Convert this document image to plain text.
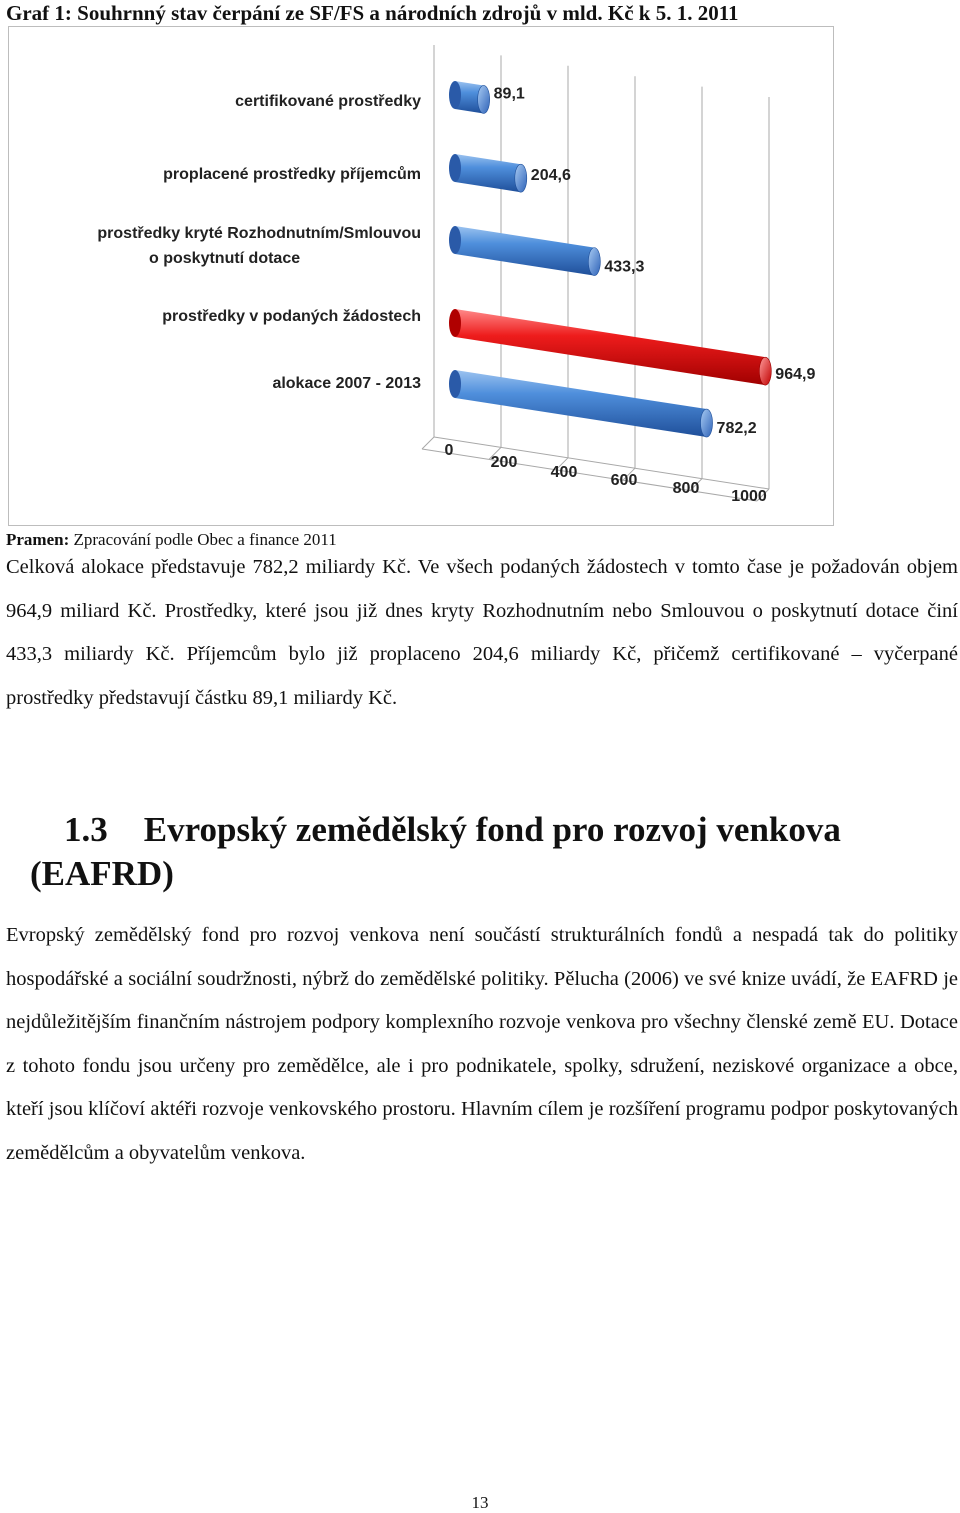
Graf 1: Souhrnný stav čerpání ze SF/FS a národních zdrojů v mld. Kč k 5. 1. 2011
0
200
400 600 800 1000
89,1
204,6
433,3
964,9
782,2
certifikované prostředky
proplacené prostředky příjemcům
prostředky kryté Rozhodnutním/Smlouvou
o poskytnutí dotace
prostředky v podaných žádostech
alokace 2007 - 2013
Pramen: Zpracování podle Obec a finance 2011
Celková alokace představuje 782,2 miliardy Kč. Ve všech podaných žádostech v tomto čase je požadován objem 964,9 miliard Kč. Prostředky, které jsou již dnes kryty Rozhodnutním nebo Smlouvou o poskytnutí dotace činí 433,3 miliardy Kč. Příjemcům bylo již proplaceno 204,6 miliardy Kč, přičemž certifikované – vyčerpané prostředky představují částku 89,1 miliardy Kč.
1.3 Evropský zemědělský fond pro rozvoj venkova (EAFRD)
Evropský zemědělský fond pro rozvoj venkova není součástí strukturálních fondů a nespadá tak do politiky hospodářské a sociální soudržnosti, nýbrž do zemědělské politiky. Pělucha (2006) ve své knize uvádí, že EAFRD je nejdůležitějším finančním nástrojem podpory komplexního rozvoje venkova pro všechny členské země EU. Dotace z tohoto fondu jsou určeny pro zemědělce, ale i pro podnikatele, spolky, sdružení, neziskové organizace a obce, kteří jsou klíčoví aktéři rozvoje venkovského prostoru. Hlavním cílem je rozšíření programu podpor poskytovaných zemědělcům a obyvatelům venkova.
13
